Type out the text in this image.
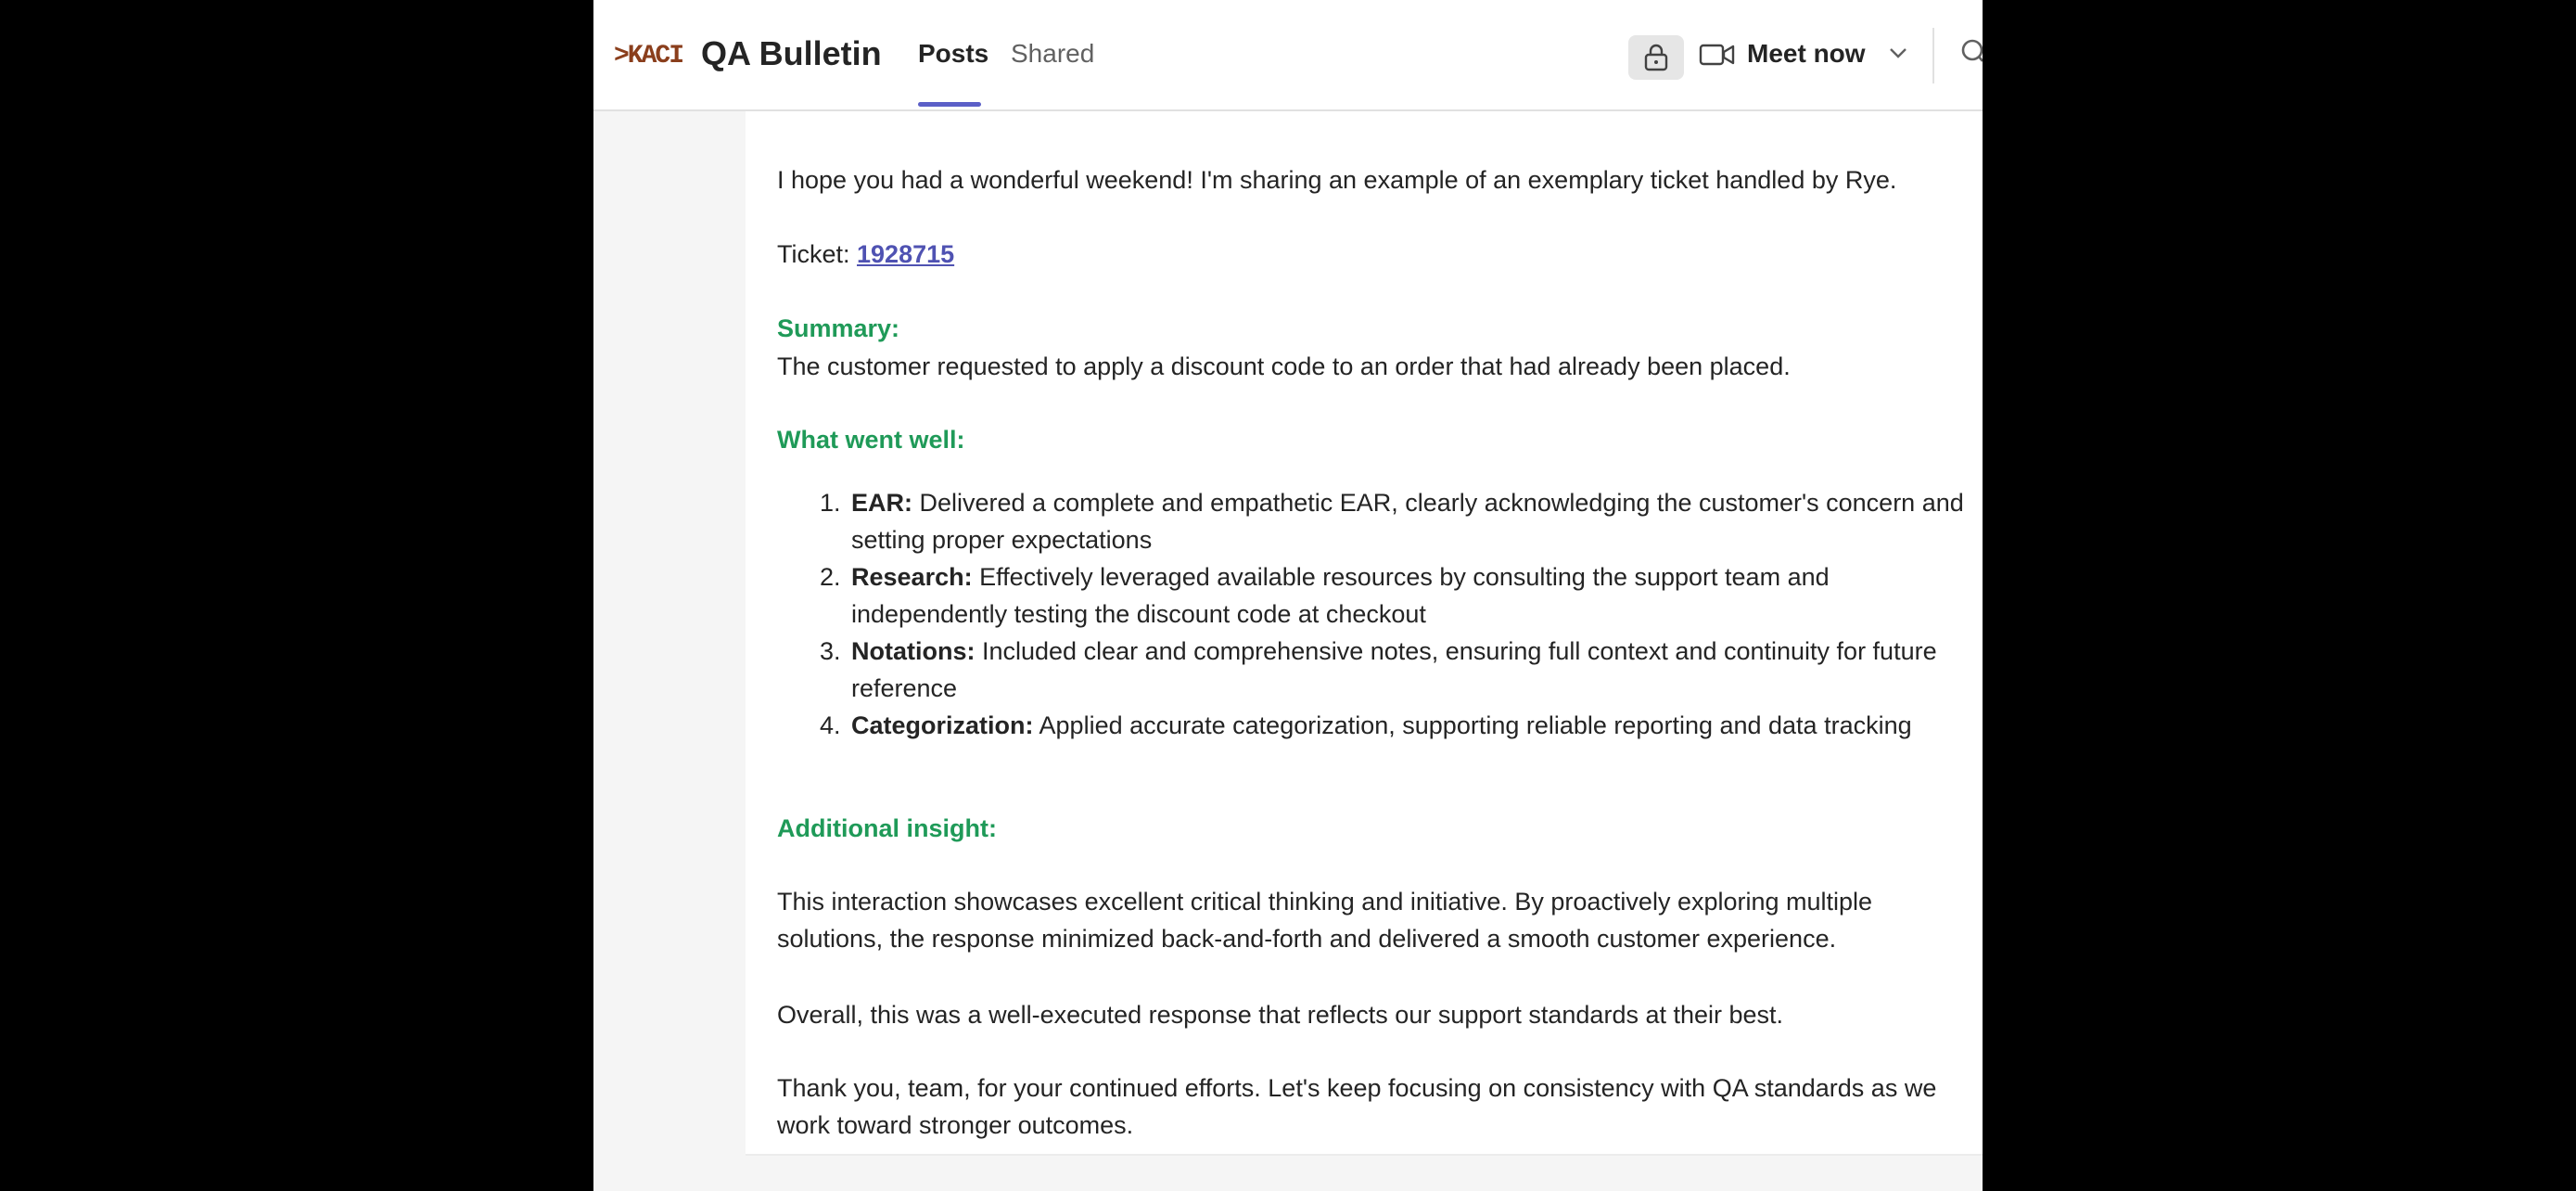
>KACI QA Bulletin Posts Shared	Meet now

I hope you had a wonderful weekend! I'm sharing an example of an exemplary ticket handled by Rye.

Ticket: 1928715

Summary:

The customer requested to apply a discount code to an order that had already been placed.

What went well:

1. EAR: Delivered a complete and empathetic EAR, clearly acknowledging the customer's concern and setting proper expectations
2. Research: Effectively leveraged available resources by consulting the support team and independently testing the discount code at checkout
3. Notations: Included clear and comprehensive notes, ensuring full context and continuity for future reference
4. Categorization: Applied accurate categorization, supporting reliable reporting and data tracking

Additional insight:

This interaction showcases excellent critical thinking and initiative. By proactively exploring multiple solutions, the response minimized back-and-forth and delivered a smooth customer experience.

Overall, this was a well-executed response that reflects our support standards at their best.

Thank you, team, for your continued efforts. Let's keep focusing on consistency with QA standards as we work toward stronger outcomes.
